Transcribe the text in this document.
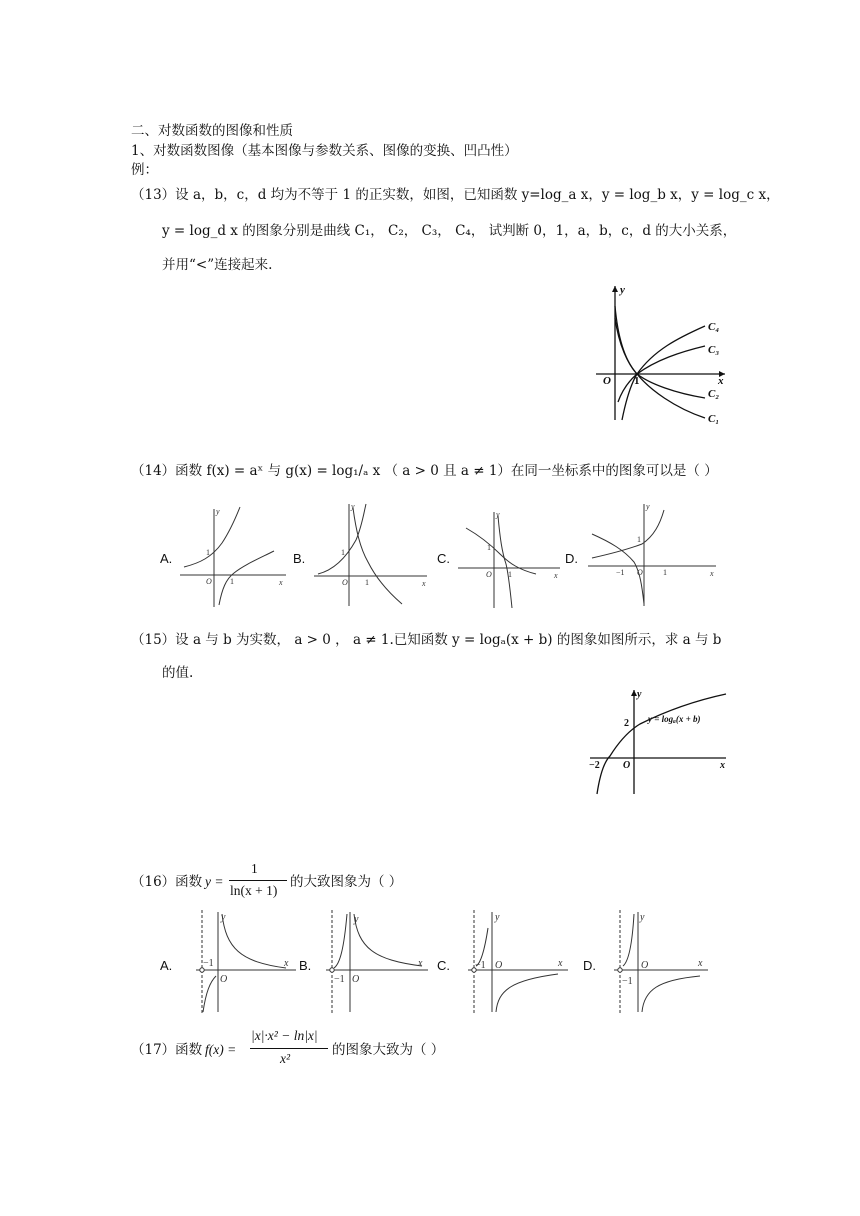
二、对数函数的图像和性质
1、对数函数图像（基本图像与参数关系、图像的变换、凹凸性）
例：
（13）设 a，b，c，d 均为不等于 1 的正实数，如图，已知函数 y=log_a x，y = log_b x，y = log_c x，
y = log_d x 的图象分别是曲线 C₁， C₂， C₃， C₄， 试判断 0，1，a，b，c，d 的大小关系，
并用“<”连接起来.
y
x
O 1
C₄
C₃
C₂
C₁
（14）函数 f(x) = aˣ 与 g(x) = log₁/ₐ x （ a > 0 且 a ≠ 1）在同一坐标系中的图象可以是（ ）
A.
y
x
O
1
1
B.
y
x
O
1
1
C.
y
x
O
1
1
D.
y
x
O
−1
1
1
（15）设 a 与 b 为实数， a > 0 ， a ≠ 1.已知函数 y = logₐ(x + b) 的图象如图所示，求 a 与 b
的值.
y
x
O
2
−2
y = logₐ(x + b)
（16）函数 y =
1
ln(x + 1)
的大致图象为（ ）
A.
y
x
O
−1	B.
y
x
O
−1
C.
y
x
O
−1	D.
y
x
O
−1
（17）函数 f(x) =
|x|·x² − ln|x|
x²
的图象大致为（ ）
